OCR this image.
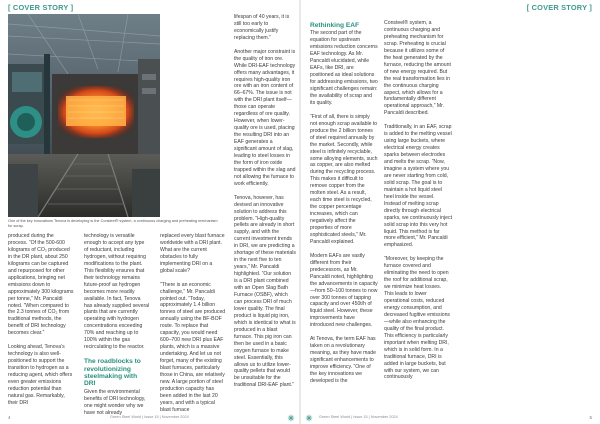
[ COVER STORY ]
One of the key innovations Tenova is developing is the Consteel® system, a continuous charging and preheating mechanism for scrap.

produced during the process. “Of the 500-600 kilograms of CO₂ produced in the DR plant, about 250 kilograms can be captured and repurposed for other applications, bringing net emissions down to approximately 300 kilograms per tonne,” Mr. Pancaldi noted. “When compared to the 2.3 tonnes of CO₂ from traditional methods, the benefit of DRI technology becomes clear.”

Looking ahead, Tenova’s technology is also well-positioned to support the transition to hydrogen as a reducing agent, which offers even greater emissions reduction potential than natural gas. Remarkably, their DRI

technology is versatile enough to accept any type of reductant, including hydrogen, without requiring modifications to the plant. This flexibility ensures that their technology remains future-proof as hydrogen becomes more readily available. In fact, Tenova has already supplied several plants that are currently operating with hydrogen concentrations exceeding 70% and reaching up to 100% within the gas recirculating to the reactor.

The roadblocks to revolutionizing steelmaking with DRI

Given the environmental benefits of DRI technology, one might wonder why we have not already

replaced every blast furnace worldwide with a DRI plant. What are the current obstacles to fully implementing DRI on a global scale?

“There is an economic challenge,” Mr. Pancaldi pointed out. “Today, approximately 1.4 billion tonnes of steel are produced annually using the BF-BOF route. To replace that capacity, you would need 600–700 new DRI plus EAF plants, which is a massive undertaking. And let us not forget, many of the existing blast furnaces, particularly those in China, are relatively new. A large portion of steel production capacity has been added in the last 20 years, and with a typical blast furnace

lifespan of 40 years, it is still too early to economically justify replacing them.”

Another major constraint is the quality of iron ore. While DRI-EAF technology offers many advantages, it requires high-quality iron ore with an iron content of 66–67%. The issue is not with the DRI plant itself—those can operate regardless of ore quality. However, when lower-quality ore is used, placing the resulting DRI into an EAF generates a significant amount of slag, leading to steel losses in the form of iron oxide trapped within the slag and not allowing the furnace to work efficiently.

Tenova, however, has devised an innovative solution to address this problem. “High-quality pellets are already in short supply, and with the current investment trends in DRI, we are predicting a shortage of these materials in the next five to ten years,” Mr. Pancaldi highlighted. “Our solution is a DRI plant combined with an Open Slag Bath Furnace (OSBF), which can process DRI of much lower quality. The final product is liquid pig iron, which is identical to what is produced in a blast furnace. This pig iron can then be used in a basic oxygen furnace to make steel. Essentially, this allows us to utilize lower-quality pellets that would be unsuitable for the traditional DRI-EAF plant.”

4	Green Steel World | Issue 15 | November 2024
[ COVER STORY ]
Rethinking EAF

The second part of the equation for upstream emissions reduction concerns EAF technology. As Mr. Pancaldi elucidated, while EAFs, like DRI, are positioned as ideal solutions for addressing emissions, two significant challenges remain: the availability of scrap and its quality.

“First of all, there is simply not enough scrap available to produce the 2 billion tonnes of steel required annually by the market. Secondly, while steel is infinitely recyclable, some alloying elements, such as copper, are also melted during the recycling process. This makes it difficult to remove copper from the molten steel. As a result, each time steel is recycled, the copper percentage increases, which can negatively affect the properties of more sophisticated steels,” Mr. Pancaldi explained.

Modern EAFs are vastly different from their predecessors, as Mr. Pancaldi noted, highlighting the advancements in capacity—from 50–100 tonnes to now over 300 tonnes of tapping capacity and over 450t/h of liquid steel. However, these improvements have introduced new challenges.

At Tenova, the term EAF has taken on a revolutionary meaning, as they have made significant enhancements to improve efficiency. “One of the key innovations we developed is the

Consteel® system, a continuous charging and preheating mechanism for scrap. Preheating is crucial because it utilizes some of the heat generated by the furnace, reducing the amount of new energy required. But the real transformation lies in the continuous charging aspect, which allows for a fundamentally different operational approach,” Mr. Pancaldi described.

Traditionally, in an EAF, scrap is added to the melting vessel using large buckets, where electrical energy creates sparks between electrodes and melts the scrap. “Now, imagine a system where you are never starting from cold, solid scrap. The goal is to maintain a hot liquid steel heel inside the vessel. Instead of melting scrap directly through electrical sparks, we continuously inject solid scrap into this very hot liquid. This method is far more efficient,” Mr. Pancaldi emphasized.

“Moreover, by keeping the furnace covered and eliminating the need to open the roof for additional scrap, we minimize heat losses. This leads to lower operational costs, reduced energy consumption, and decreased fugitive emissions—while also enhancing the quality of the final product. This efficiency is particularly important when melting DRI, which is in solid form. In a traditional furnace, DRI is added in large buckets, but with our system, we can continuously

Green Steel World | Issue 15 | November 2024	5
